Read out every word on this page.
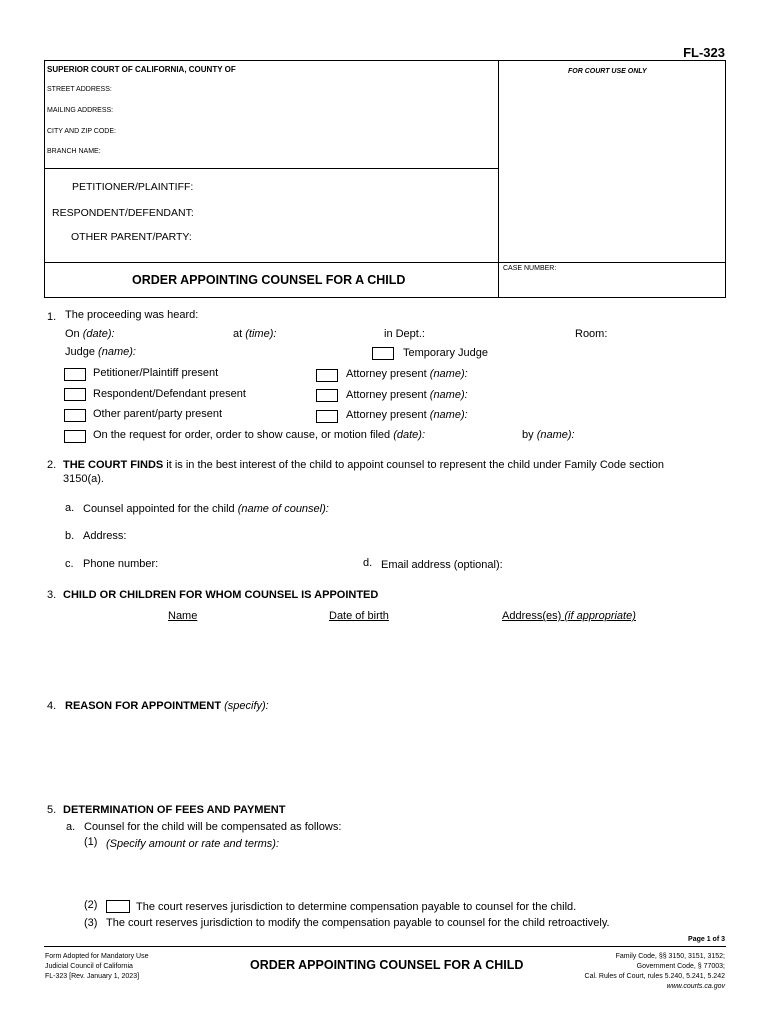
FL-323
SUPERIOR COURT OF CALIFORNIA, COUNTY OF	FOR COURT USE ONLY
STREET ADDRESS:
MAILING ADDRESS:
CITY AND ZIP CODE:
BRANCH NAME:
PETITIONER/PLAINTIFF:
RESPONDENT/DEFENDANT:
OTHER PARENT/PARTY:
ORDER APPOINTING COUNSEL FOR A CHILD
CASE NUMBER:
1. The proceeding was heard:
On (date):	at (time):	in Dept.:	Room:
Judge (name):	Temporary Judge
Petitioner/Plaintiff present	Attorney present (name):
Respondent/Defendant present	Attorney present (name):
Other parent/party present	Attorney present (name):
On the request for order, order to show cause, or motion filed (date):	by (name):
2. THE COURT FINDS it is in the best interest of the child to appoint counsel to represent the child under Family Code section
3150(a).
a. Counsel appointed for the child (name of counsel):
b. Address:
c. Phone number:	d. Email address (optional):
3. CHILD OR CHILDREN FOR WHOM COUNSEL IS APPOINTED
Name	Date of birth	Address(es) (if appropriate)
4. REASON FOR APPOINTMENT (specify):
5. DETERMINATION OF FEES AND PAYMENT
a. Counsel for the child will be compensated as follows:
(1) (Specify amount or rate and terms):
(2)	The court reserves jurisdiction to determine compensation payable to counsel for the child.
(3) The court reserves jurisdiction to modify the compensation payable to counsel for the child retroactively.
Page 1 of 3
Form Adopted for Mandatory Use
Judicial Council of California
FL-323 [Rev. January 1, 2023]
ORDER APPOINTING COUNSEL FOR A CHILD
Family Code, §§ 3150, 3151, 3152;
Government Code, § 77003;
Cal. Rules of Court, rules 5.240, 5.241, 5.242
www.courts.ca.gov
